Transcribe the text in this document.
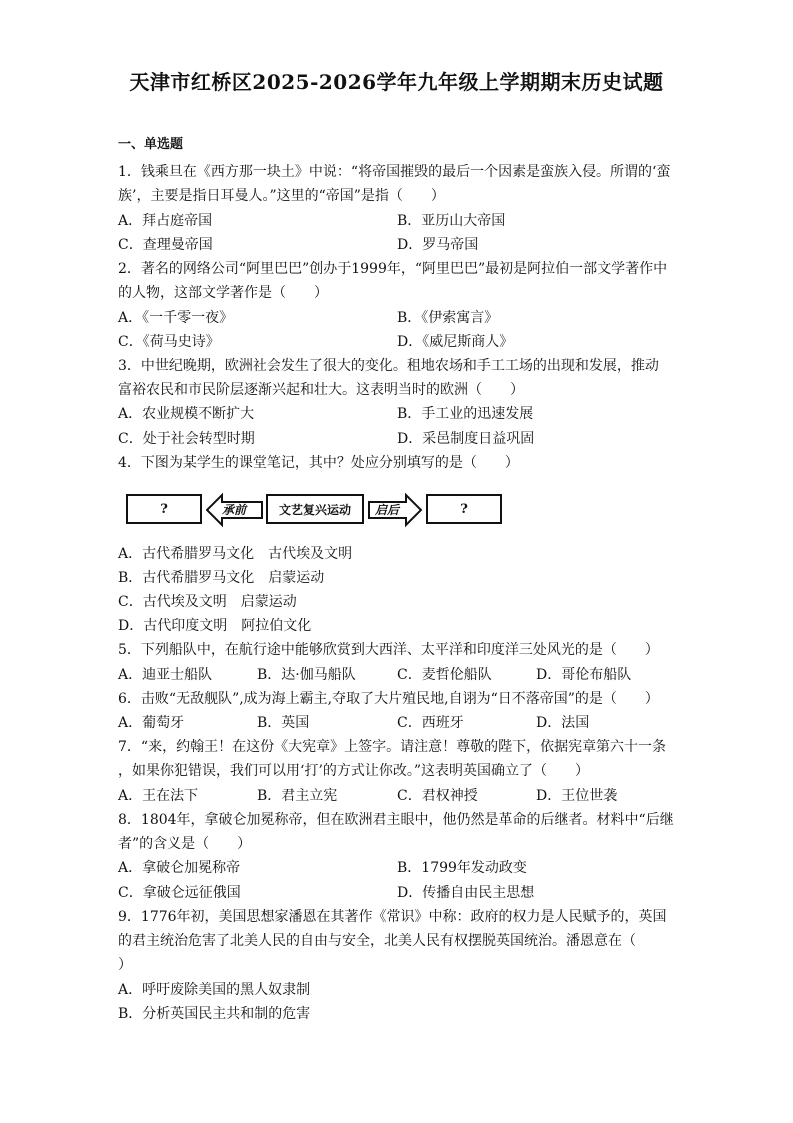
天津市红桥区2025-2026学年九年级上学期期末历史试题
一、单选题
1．钱乘旦在《西方那一块土》中说：“将帝国摧毁的最后一个因素是蛮族入侵。所谓的‘蛮
族’，主要是指日耳曼人。”这里的“帝国”是指（　　）
A．拜占庭帝国	B．亚历山大帝国
C．查理曼帝国	D．罗马帝国
2．著名的网络公司“阿里巴巴”创办于1999年，“阿里巴巴”最初是阿拉伯一部文学著作中
的人物，这部文学著作是（　　）
A．《一千零一夜》	B．《伊索寓言》
C．《荷马史诗》	D．《威尼斯商人》
3．中世纪晚期，欧洲社会发生了很大的变化。租地农场和手工工场的出现和发展，推动
富裕农民和市民阶层逐渐兴起和壮大。这表明当时的欧洲（　　）
A．农业规模不断扩大	B．手工业的迅速发展
C．处于社会转型时期	D．采邑制度日益巩固
4．下图为某学生的课堂笔记，其中？处应分别填写的是（　　）
?	承前	文艺复兴运动	启后	?
A．古代希腊罗马文化　古代埃及文明
B．古代希腊罗马文化　启蒙运动
C．古代埃及文明　启蒙运动
D．古代印度文明　阿拉伯文化
5．下列船队中，在航行途中能够欣赏到大西洋、太平洋和印度洋三处风光的是（　　）
A．迪亚士船队	B．达·伽马船队	C．麦哲伦船队	D．哥伦布船队
6．击败“无敌舰队”,成为海上霸主,夺取了大片殖民地,自诩为“日不落帝国”的是（　　）
A．葡萄牙	B．英国	C．西班牙	D．法国
7．“来，约翰王！在这份《大宪章》上签字。请注意！尊敬的陛下，依据宪章第六十一条
，如果你犯错误，我们可以用‘打’的方式让你改。”这表明英国确立了（　　）
A．王在法下	B．君主立宪	C．君权神授	D．王位世袭
8．1804年，拿破仑加冕称帝，但在欧洲君主眼中，他仍然是革命的后继者。材料中“后继
者”的含义是（　　）
A．拿破仑加冕称帝	B．1799年发动政变
C．拿破仑远征俄国	D．传播自由民主思想
9．1776年初，美国思想家潘恩在其著作《常识》中称：政府的权力是人民赋予的，英国
的君主统治危害了北美人民的自由与安全，北美人民有权摆脱英国统治。潘恩意在（
）
A．呼吁废除美国的黑人奴隶制
B．分析英国民主共和制的危害
